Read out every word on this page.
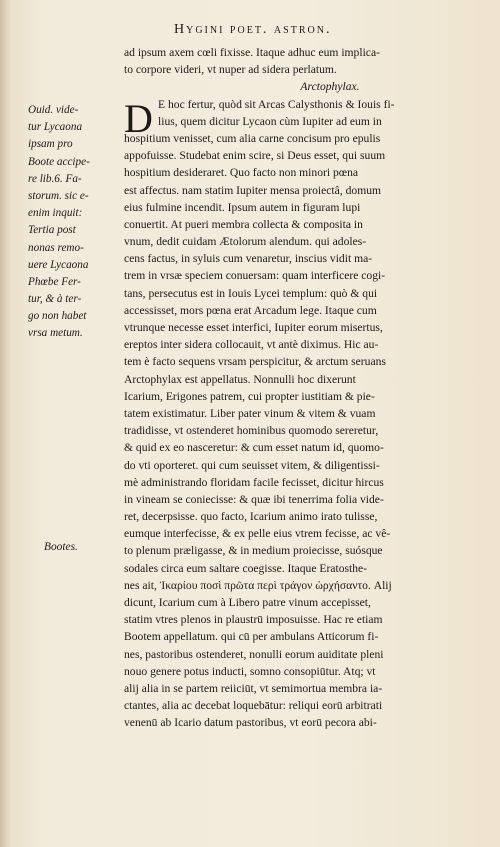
Hygini poet. astron.
Ouid. vide-
tur Lycaona
ipsam pro
Boote accipe-
re lib.6. Fa-
storum. sic e-
enim inquit:
Tertia post
nonas remo-
uere Lycaona
Phœbe Fer-
tur, & à ter-
go non habet
vrsa metum.
D
ad ipsum axem cœli fixisse. Itaque adhuc eum implica-
to corpore videri, vt nuper ad sidera perlatum.
Arctophylax.
E hoc fertur, quòd sit Arcas Calysthonis & Iouis fi-
lius, quem dicitur Lycaon cùm Iupiter ad eum in
hospitium venisset, cum alia carne concisum pro epulis
appofuisse. Studebat enim scire, si Deus esset, qui suum
hospitium desideraret. Quo facto non minori pœna
est affectus. nam statim Iupiter mensa proiectâ, domum
eius fulmine incendit. Ipsum autem in figuram lupi
conuertit. At pueri membra collecta & composita in
vnum, dedit cuidam Ætolorum alendum. qui adoles-
cens factus, in syluis cum venaretur, inscius vidit ma-
trem in vrsæ speciem conuersam: quam interficere cogi-
tans, persecutus est in Iouis Lycei templum: quò & qui
accessisset, mors pœna erat Arcadum lege. Itaque cum
vtrunque necesse esset interfici, Iupiter eorum misertus,
ereptos inter sidera collocauit, vt antè diximus. Hic au-
tem è facto sequens vrsam perspicitur, & arctum seruans
Arctophylax est appellatus. Nonnulli hoc dixerunt
Icarium, Erigones patrem, cui propter iustitiam & pie-
tatem existimatur. Liber pater vinum & vitem & vuam
tradidisse, vt ostenderet hominibus quomodo sereretur,
& quid ex eo nasceretur: & cum esset natum id, quomo-
do vti oporteret. qui cum seuisset vitem, & diligentissi-
mè administrando floridam facile fecisset, dicitur hircus
in vineam se coniecisse: & quæ ibi tenerrima folia vide-
ret, decerpsisse. quo facto, Icarium animo irato tulisse,
eumque interfecisse, & ex pelle eius vtrem fecisse, ac vê-
to plenum præligasse, & in medium proiecisse, suósque
sodales circa eum saltare coegisse. Itaque Eratosthe-
nes ait, Ἰκαρίου ποσὶ πρῶτα περὶ τράγον ὠρχήσαντο. Alij
dicunt, Icarium cum à Libero patre vinum accepisset,
statim vtres plenos in plaustrū imposuisse. Hac re etiam
Bootem appellatum. qui cū per ambulans Atticorum fi-
nes, pastoribus ostenderet, nonulli eorum auiditate pleni
nouo genere potus inducti, somno consopiūtur. Atq; vt
alij alia in se partem reiiciūt, vt semimortua membra ia-
ctantes, alia ac decebat loquebātur: reliqui eorū arbitrati
venenū ab Icario datum pastoribus, vt eorū pecora abi-
Bootes.
